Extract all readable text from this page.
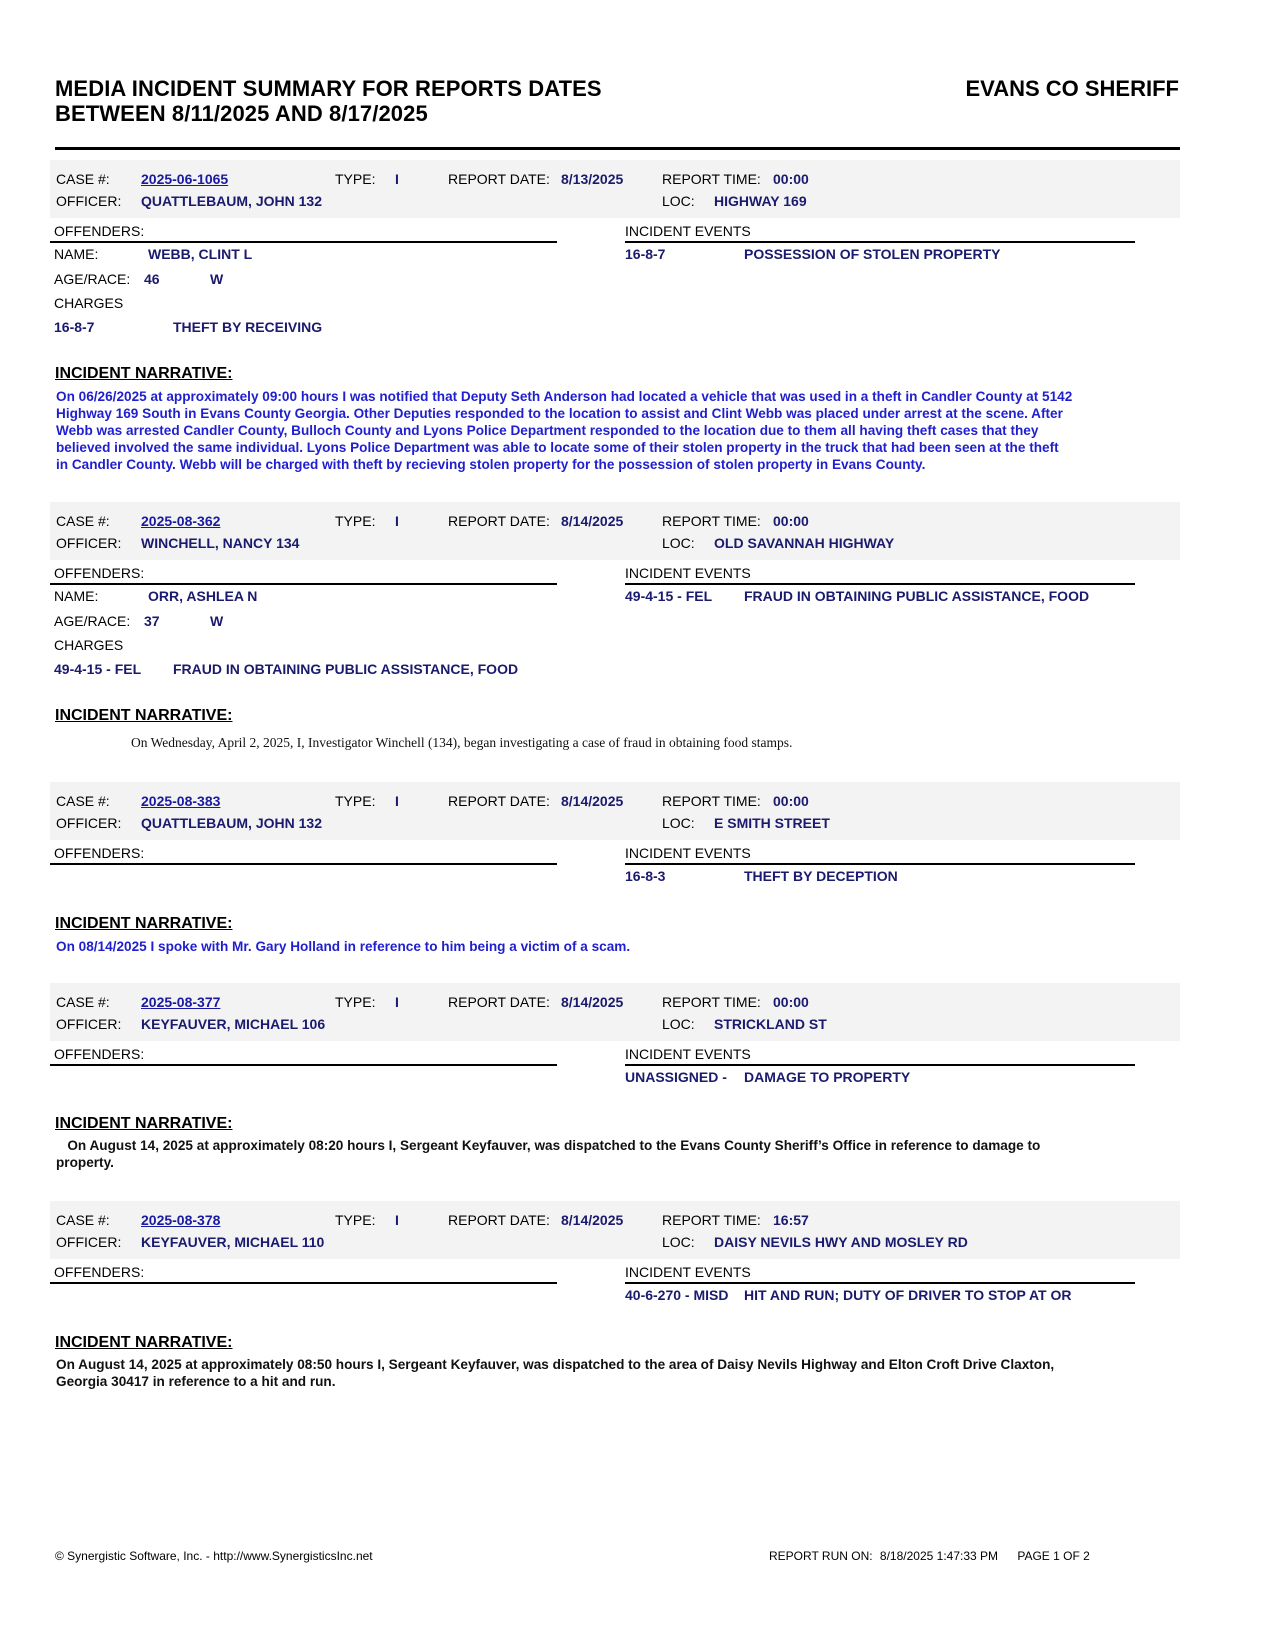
MEDIA INCIDENT SUMMARY FOR REPORTS DATES
BETWEEN 8/11/2025 AND 8/17/2025
EVANS CO SHERIFF
CASE #: 2025-06-1065	TYPE: I	REPORT DATE: 8/13/2025	REPORT TIME: 00:00
OFFICER: QUATTLEBAUM, JOHN 132	LOC: HIGHWAY 169
OFFENDERS:	INCIDENT EVENTS
NAME:	WEBB, CLINT L
AGE/RACE: 46	W
CHARGES
16-8-7	THEFT BY RECEIVING
16-8-7	POSSESSION OF STOLEN PROPERTY
INCIDENT NARRATIVE:
On 06/26/2025 at approximately 09:00 hours I was notified that Deputy Seth Anderson had located a vehicle that was used in a theft in Candler County at 5142
Highway 169 South in Evans County Georgia. Other Deputies responded to the location to assist and Clint Webb was placed under arrest at the scene. After
Webb was arrested Candler County, Bulloch County and Lyons Police Department responded to the location due to them all having theft cases that they
believed involved the same individual. Lyons Police Department was able to locate some of their stolen property in the truck that had been seen at the theft
in Candler County. Webb will be charged with theft by recieving stolen property for the possession of stolen property in Evans County.
CASE #: 2025-08-362	TYPE: I	REPORT DATE: 8/14/2025	REPORT TIME: 00:00
OFFICER: WINCHELL, NANCY 134	LOC: OLD SAVANNAH HIGHWAY
OFFENDERS:	INCIDENT EVENTS
NAME:	ORR, ASHLEA N
AGE/RACE: 37	W
CHARGES
49-4-15 - FEL FRAUD IN OBTAINING PUBLIC ASSISTANCE, FOOD
49-4-15 - FEL FRAUD IN OBTAINING PUBLIC ASSISTANCE, FOOD
INCIDENT NARRATIVE:
On Wednesday, April 2, 2025, I, Investigator Winchell (134), began investigating a case of fraud in obtaining food stamps.
CASE #: 2025-08-383	TYPE: I	REPORT DATE: 8/14/2025	REPORT TIME: 00:00
OFFICER: QUATTLEBAUM, JOHN 132	LOC: E SMITH STREET
OFFENDERS:	INCIDENT EVENTS
16-8-3	THEFT BY DECEPTION
INCIDENT NARRATIVE:
On 08/14/2025 I spoke with Mr. Gary Holland in reference to him being a victim of a scam.
CASE #: 2025-08-377	TYPE: I	REPORT DATE: 8/14/2025	REPORT TIME: 00:00
OFFICER: KEYFAUVER, MICHAEL 106	LOC: STRICKLAND ST
OFFENDERS:	INCIDENT EVENTS
UNASSIGNED - DAMAGE TO PROPERTY
INCIDENT NARRATIVE:
On August 14, 2025 at approximately 08:20 hours I, Sergeant Keyfauver, was dispatched to the Evans County Sheriff’s Office in reference to damage to
property.
CASE #: 2025-08-378	TYPE: I	REPORT DATE: 8/14/2025	REPORT TIME: 16:57
OFFICER: KEYFAUVER, MICHAEL 110	LOC: DAISY NEVILS HWY AND MOSLEY RD
OFFENDERS:	INCIDENT EVENTS
40-6-270 - MISD HIT AND RUN; DUTY OF DRIVER TO STOP AT OR
INCIDENT NARRATIVE:
On August 14, 2025 at approximately 08:50 hours I, Sergeant Keyfauver, was dispatched to the area of Daisy Nevils Highway and Elton Croft Drive Claxton,
Georgia 30417 in reference to a hit and run.
© Synergistic Software, Inc. - http://www.SynergisticsInc.net	REPORT RUN ON: 8/18/2025 1:47:33 PM PAGE 1 OF 2
